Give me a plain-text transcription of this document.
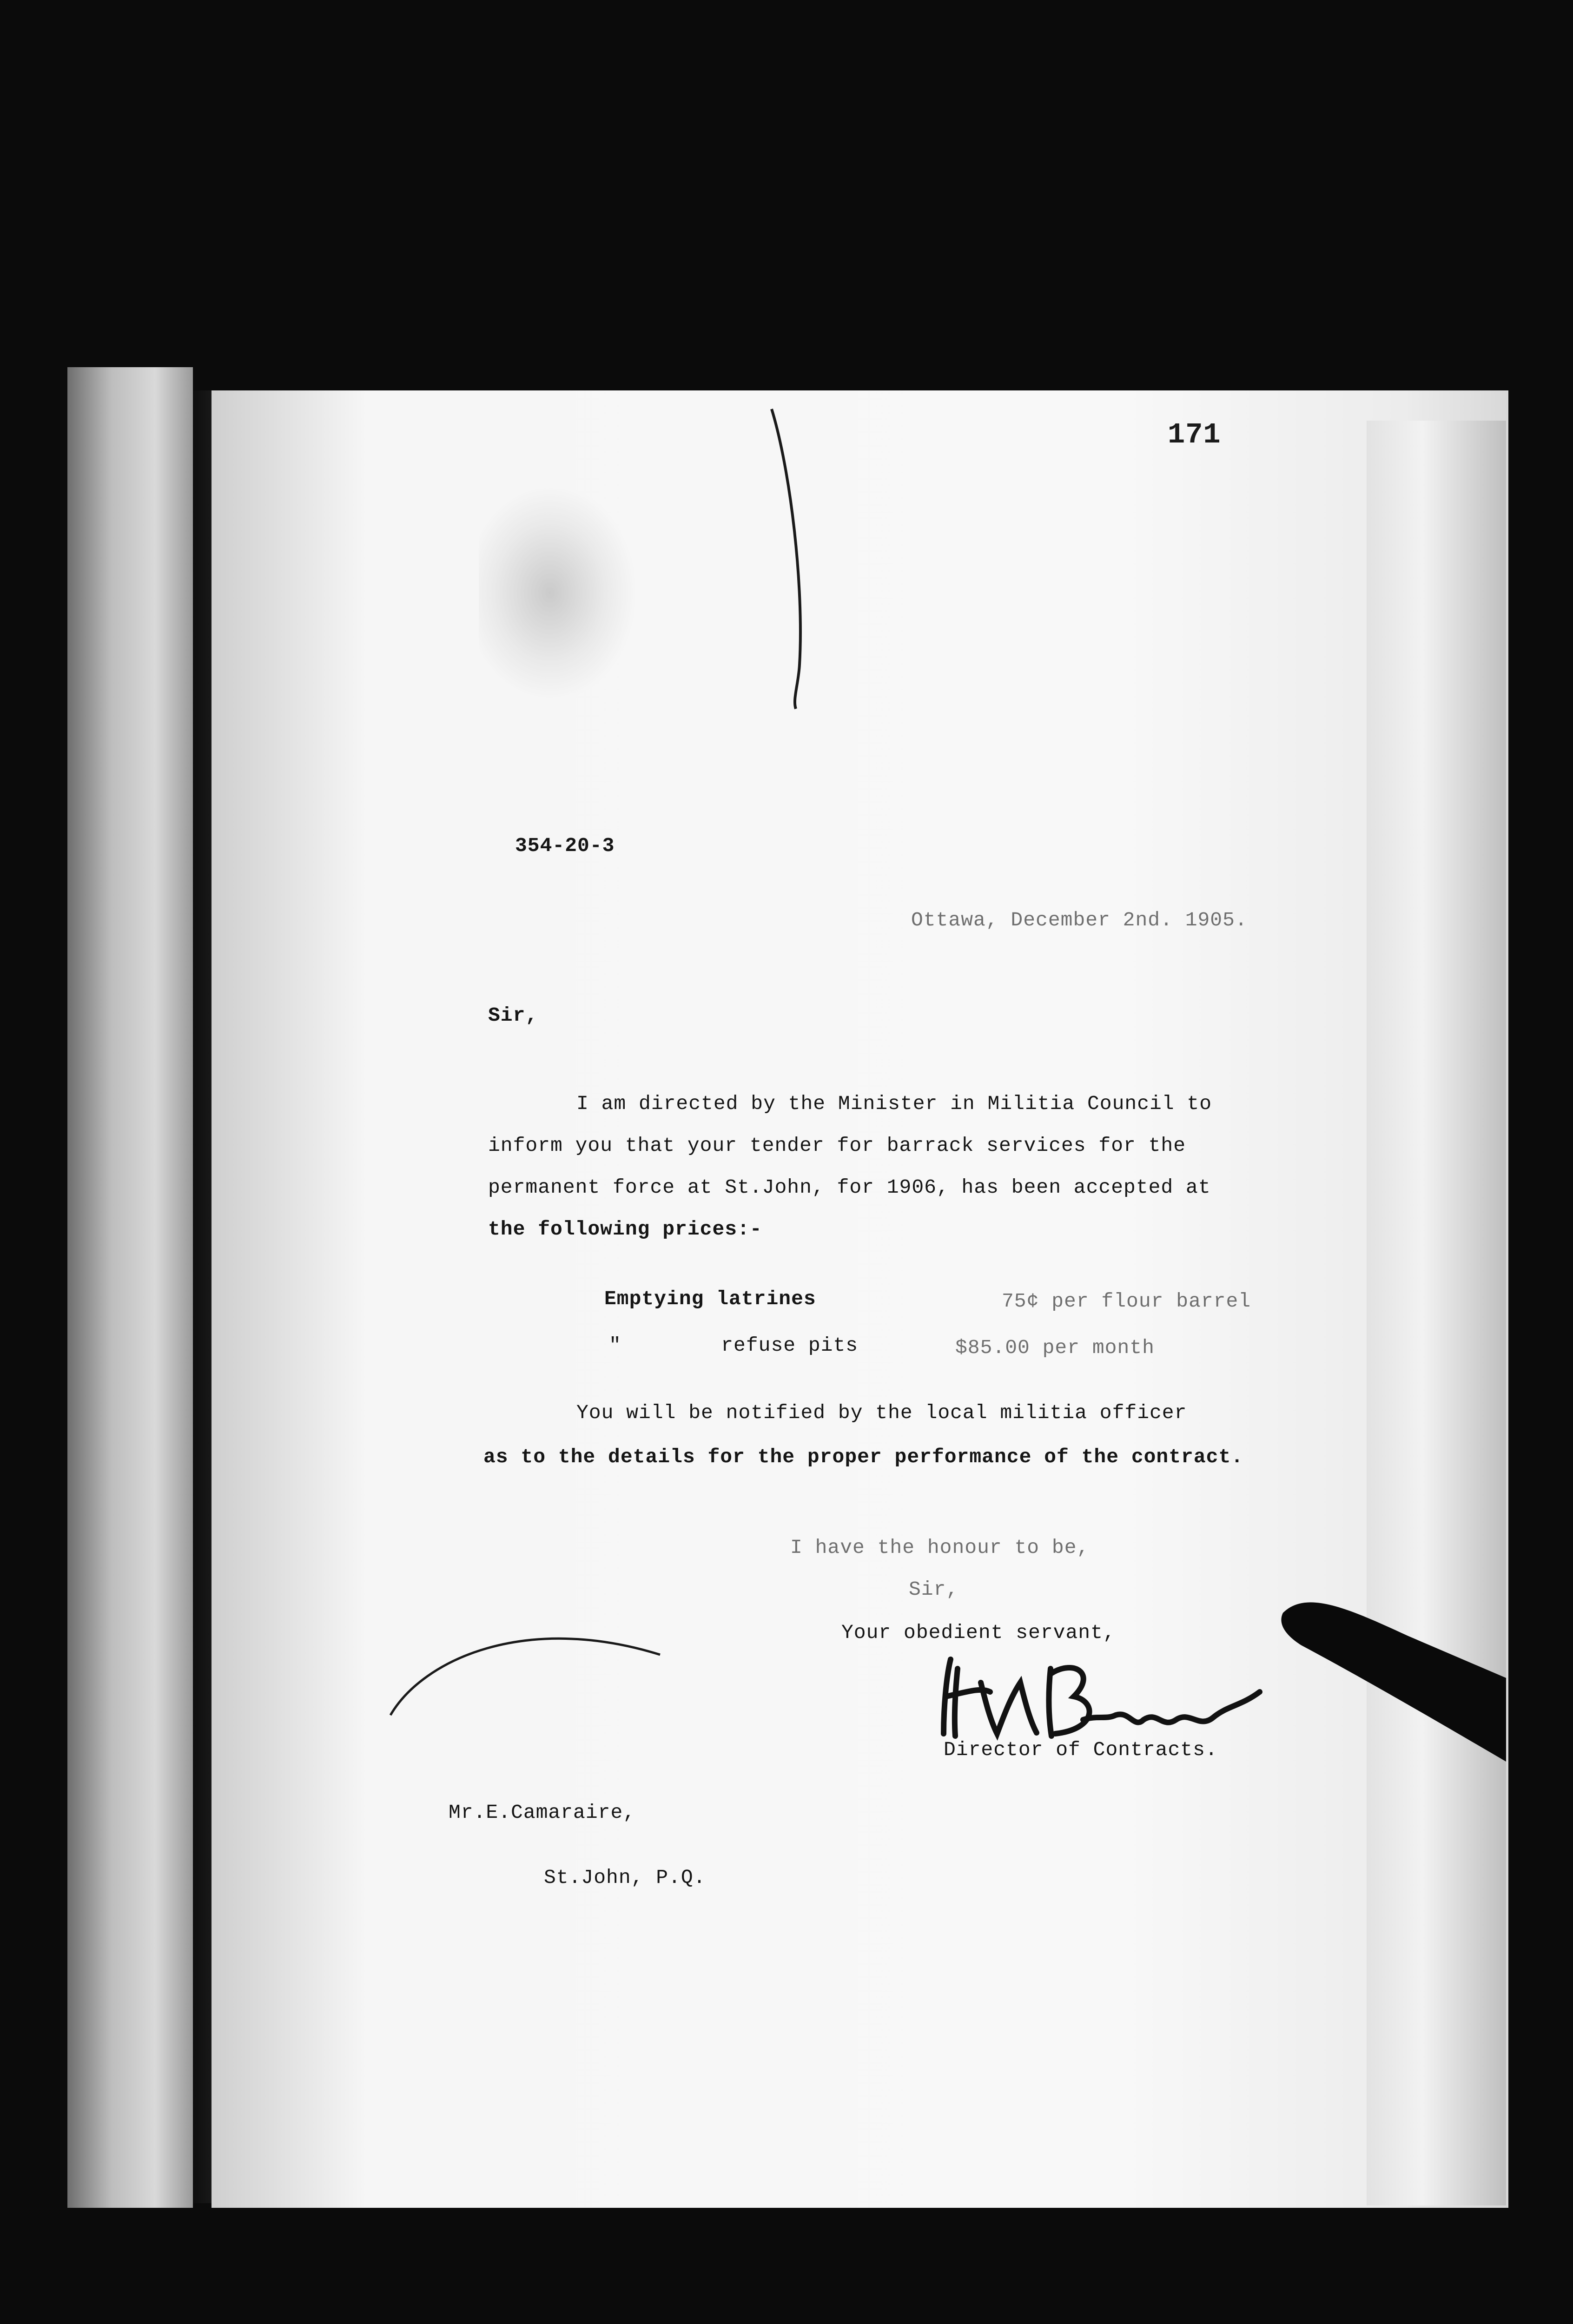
171
354-20-3
Ottawa, December 2nd. 1905.
Sir,
I am directed by the Minister in Militia Council to
inform you that your tender for barrack services for the
permanent force at St.John, for 1906, has been accepted at
the following prices:-
Emptying latrines	75¢ per flour barrel
"        refuse pits	$85.00 per month
You will be notified by the local militia officer
as to the details for the proper performance of the contract.
I have the honour to be,
Sir,
Your obedient servant,
Director of Contracts.
Mr.E.Camaraire,
St.John, P.Q.
